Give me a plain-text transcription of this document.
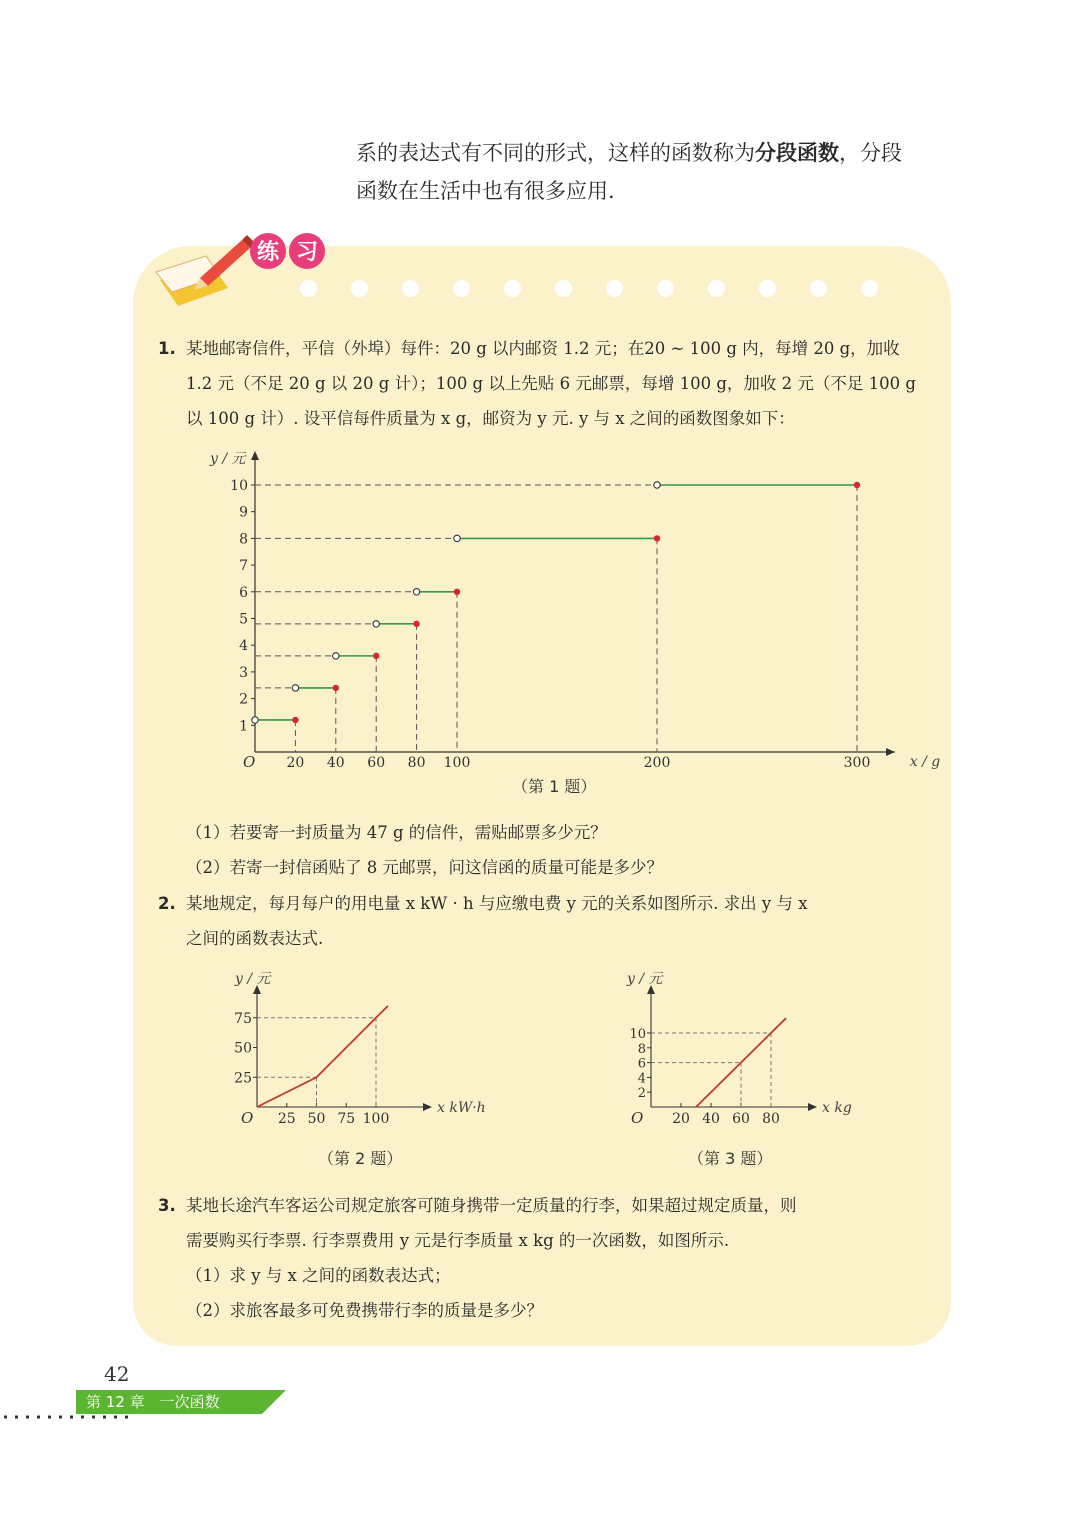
系的表达式有不同的形式，这样的函数称为分段函数，分段
函数在生活中也有很多应用.
练 习
1. 某地邮寄信件，平信（外埠）每件：20 g 以内邮资 1.2 元；在20 ~ 100 g 内，每增 20 g，加收
1.2 元（不足 20 g 以 20 g 计）；100 g 以上先贴 6 元邮票，每增 100 g，加收 2 元（不足 100 g
以 100 g 计）. 设平信每件质量为 x g，邮资为 y 元. y 与 x 之间的函数图象如下：
y / 元
x / g
O
1
2
3
4
5
6
7
8
9
10
20 40 60 80 100	200	300
（第 1 题）
（1）若要寄一封质量为 47 g 的信件，需贴邮票多少元？
（2）若寄一封信函贴了 8 元邮票，问这信函的质量可能是多少？
2. 某地规定，每月每户的用电量 x kW · h 与应缴电费 y 元的关系如图所示. 求出 y 与 x
之间的函数表达式.
y / 元
x kW·h
O
25
50
75
25 50 75 100
（第 2 题）
y / 元
x kg
O
2
4
6
8
10
20 40 60 80
（第 3 题）
3. 某地长途汽车客运公司规定旅客可随身携带一定质量的行李，如果超过规定质量，则
需要购买行李票. 行李票费用 y 元是行李质量 x kg 的一次函数，如图所示.
（1）求 y 与 x 之间的函数表达式；
（2）求旅客最多可免费携带行李的质量是多少？
42
第 12 章　一次函数
